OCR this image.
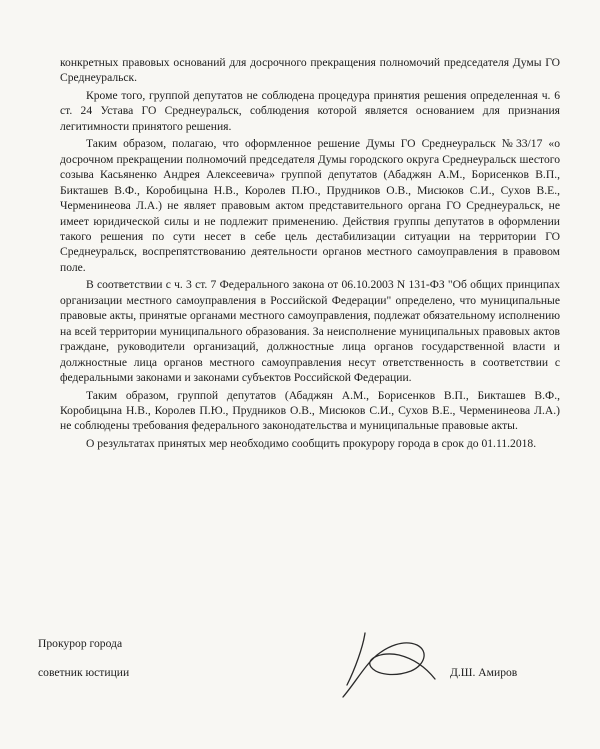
конкретных правовых оснований для досрочного прекращения полномочий председателя Думы ГО Среднеуральск.

Кроме того, группой депутатов не соблюдена процедура принятия решения определенная ч. 6 ст. 24 Устава ГО Среднеуральск, соблюдения которой является основанием для признания легитимности принятого решения.

Таким образом, полагаю, что оформленное решение Думы ГО Среднеуральск №33/17 «о досрочном прекращении полномочий председателя Думы городского округа Среднеуральск шестого созыва Касьяненко Андрея Алексеевича» группой депутатов (Абаджян А.М., Борисенков В.П., Бикташев В.Ф., Коробицына Н.В., Королев П.Ю., Прудников О.В., Мисюков С.И., Сухов В.Е., Черменинеова Л.А.) не являет правовым актом представительного органа ГО Среднеуральск, не имеет юридической силы и не подлежит применению. Действия группы депутатов в оформлении такого решения по сути несет в себе цель дестабилизации ситуации на территории ГО Среднеуральск, воспрепятствованию деятельности органов местного самоуправления в правовом поле.

В соответствии с ч. 3 ст. 7 Федерального закона от 06.10.2003 N 131-ФЗ "Об общих принципах организации местного самоуправления в Российской Федерации" определено, что муниципальные правовые акты, принятые органами местного самоуправления, подлежат обязательному исполнению на всей территории муниципального образования. За неисполнение муниципальных правовых актов граждане, руководители организаций, должностные лица органов государственной власти и должностные лица органов местного самоуправления несут ответственность в соответствии с федеральными законами и законами субъектов Российской Федерации.

Таким образом, группой депутатов (Абаджян А.М., Борисенков В.П., Бикташев В.Ф., Коробицына Н.В., Королев П.Ю., Прудников О.В., Мисюков С.И., Сухов В.Е., Черменинеова Л.А.) не соблюдены требования федерального законодательства и муниципальные правовые акты.

О результатах принятых мер необходимо сообщить прокурору города в срок до 01.11.2018.

Прокурор города
советник юстиции	Д.Ш. Амиров
